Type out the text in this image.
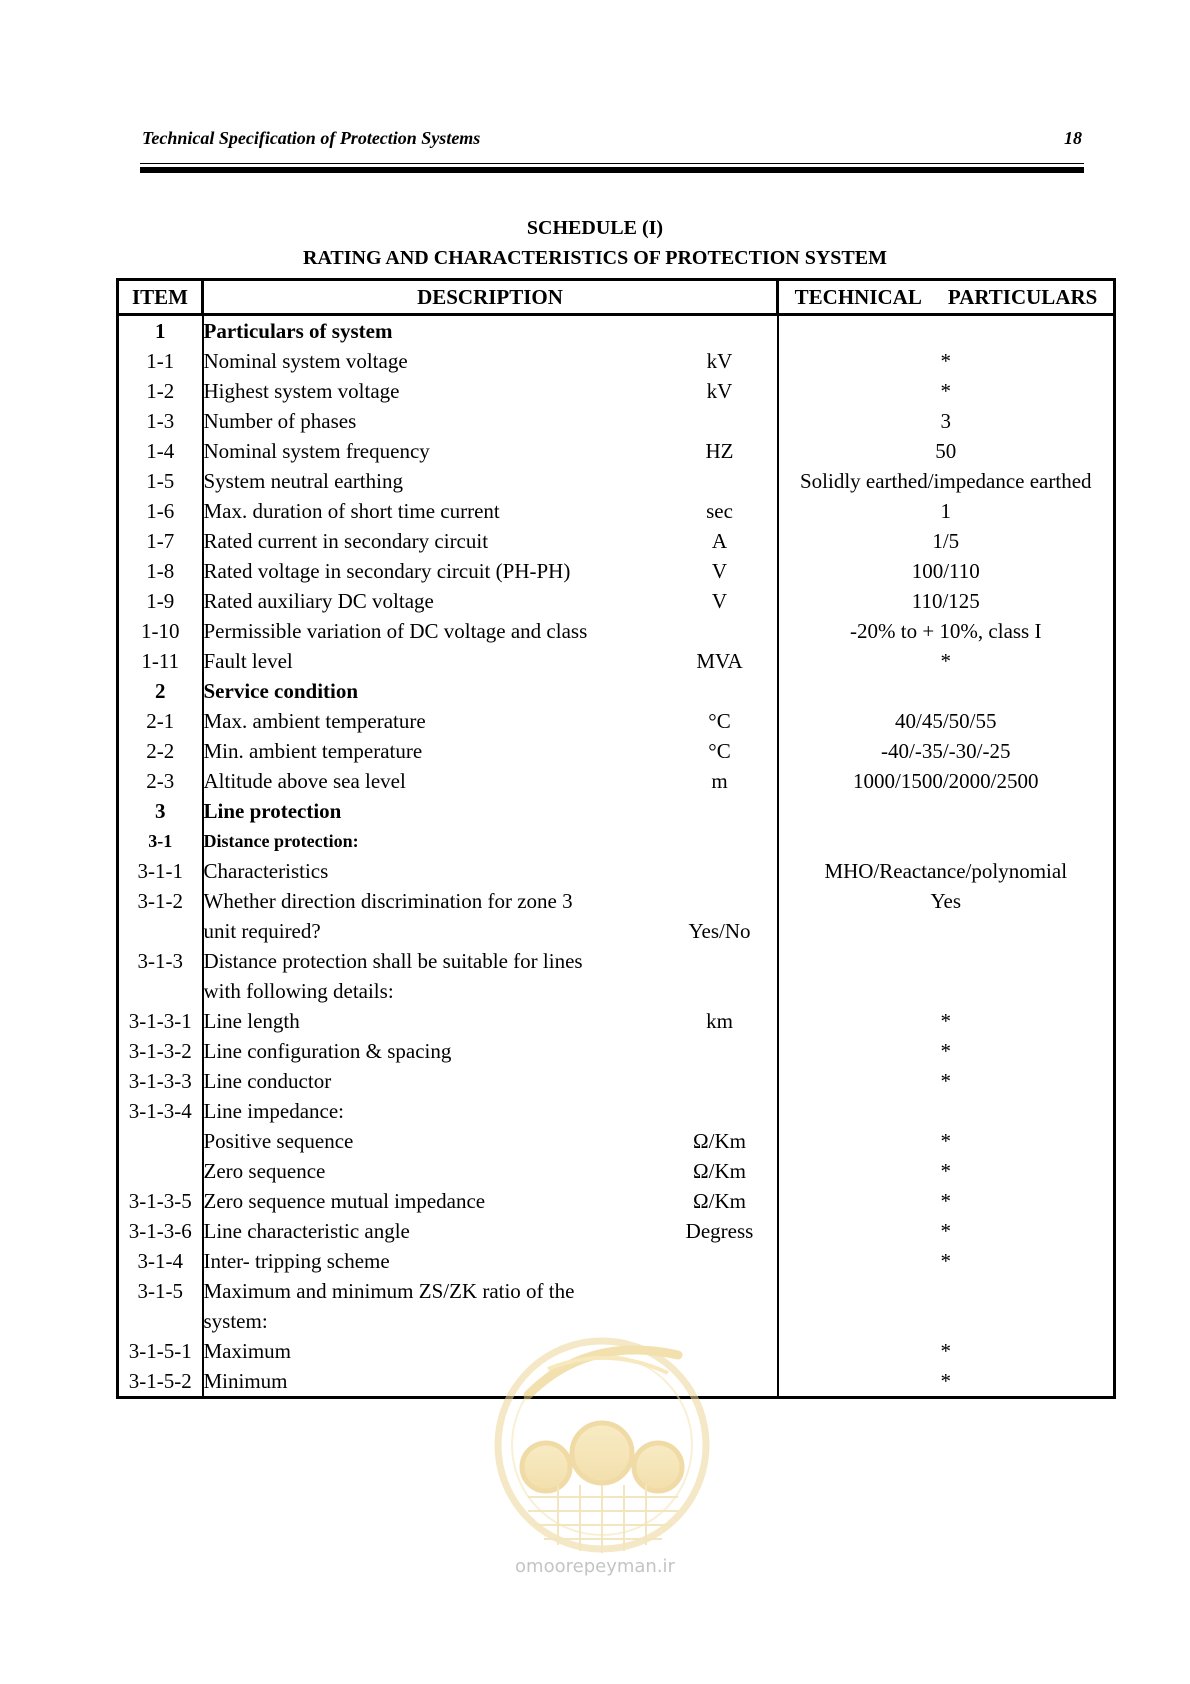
Technical Specification of Protection Systems	18
SCHEDULE (I)
RATING AND CHARACTERISTICS OF PROTECTION SYSTEM
ITEM	DESCRIPTION		TECHNICAL PARTICULARS
1	Particulars of system		
1-1	Nominal system voltage	kV	*
1-2	Highest system voltage	kV	*
1-3	Number of phases		3
1-4	Nominal system frequency	HZ	50
1-5	System neutral earthing		Solidly earthed/impedance earthed
1-6	Max. duration of short time current	sec	1
1-7	Rated current in secondary circuit	A	1/5
1-8	Rated voltage in secondary circuit (PH-PH)	V	100/110
1-9	Rated auxiliary DC voltage	V	110/125
1-10	Permissible variation of DC voltage and class		-20% to + 10%, class I
1-11	Fault level	MVA	*
2	Service condition		
2-1	Max. ambient temperature	°C	40/45/50/55
2-2	Min. ambient temperature	°C	-40/-35/-30/-25
2-3	Altitude above sea level	m	1000/1500/2000/2500
3	Line protection		
3-1	Distance protection:		
3-1-1	Characteristics		MHO/Reactance/polynomial
3-1-2	Whether direction discrimination for zone 3		Yes
	unit required?	Yes/No	
3-1-3	Distance protection shall be suitable for lines		
	with following details:		
3-1-3-1	Line length	km	*
3-1-3-2	Line configuration & spacing		*
3-1-3-3	Line conductor		*
3-1-3-4	Line impedance:		
	Positive sequence	Ω/Km	*
	Zero sequence	Ω/Km	*
3-1-3-5	Zero sequence mutual impedance	Ω/Km	*
3-1-3-6	Line characteristic angle	Degress	*
3-1-4	Inter- tripping scheme		*
3-1-5	Maximum and minimum ZS/ZK ratio of the		
	system:		
3-1-5-1	Maximum		*
3-1-5-2	Minimum		*
omoorepeyman.ir
